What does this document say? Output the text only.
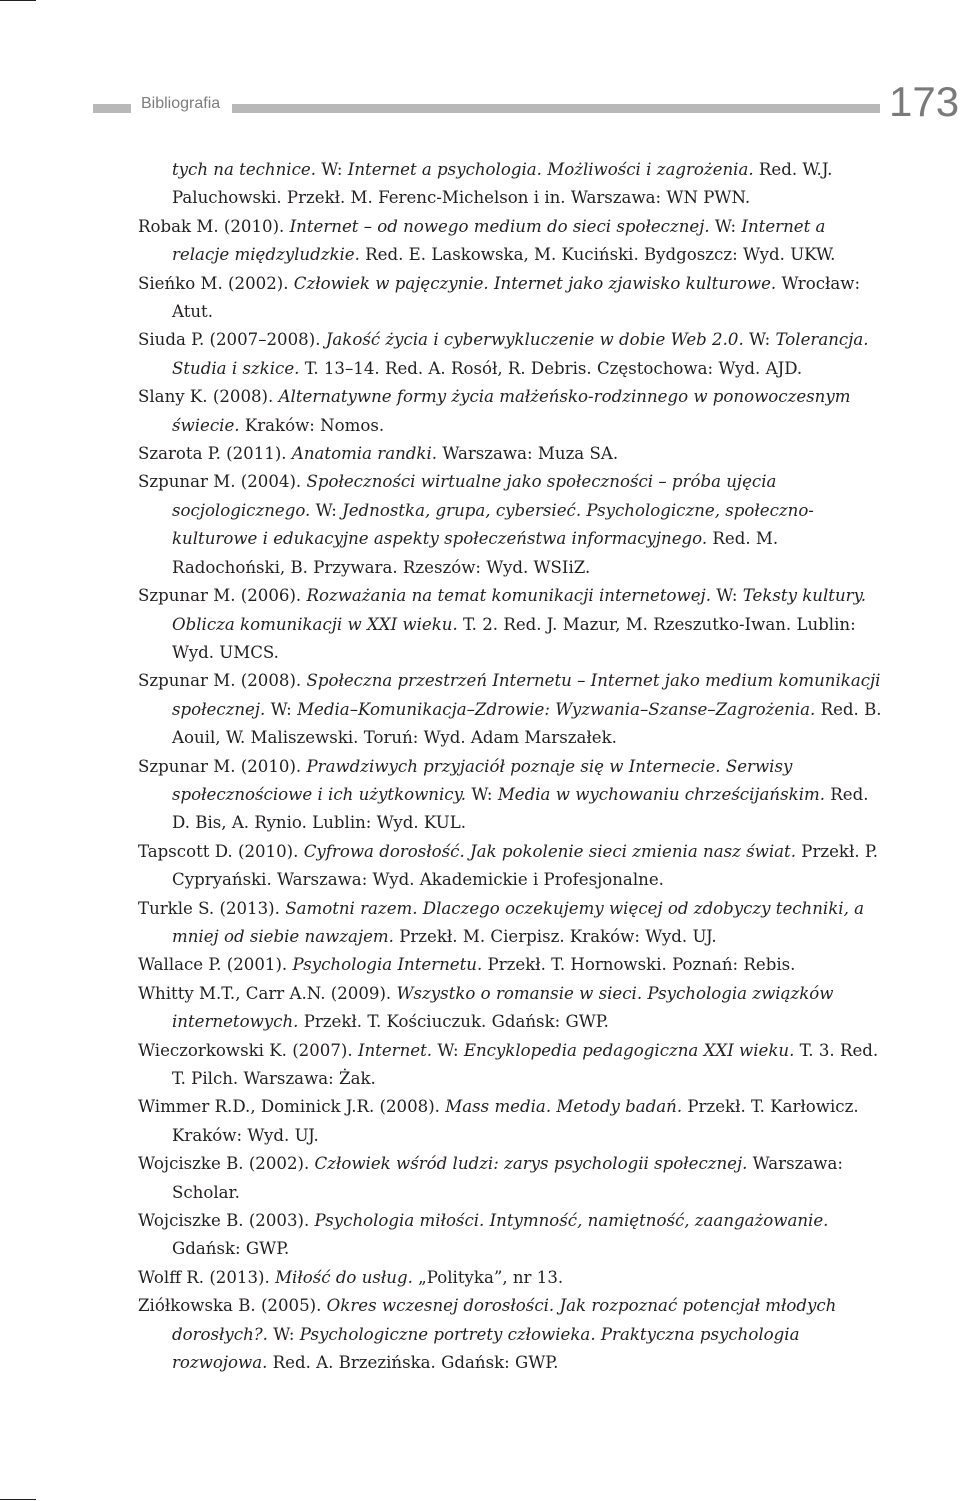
Bibliografia	173

tych na technice. W: Internet a psychologia. Możliwości i zagrożenia. Red. W.J. Paluchowski. Przekł. M. Ferenc-Michelson i in. Warszawa: WN PWN.

Robak M. (2010). Internet – od nowego medium do sieci społecznej. W: Internet a relacje międzyludzkie. Red. E. Laskowska, M. Kuciński. Bydgoszcz: Wyd. UKW.

Sieńko M. (2002). Człowiek w pajęczynie. Internet jako zjawisko kulturowe. Wrocław: Atut.

Siuda P. (2007–2008). Jakość życia i cyberwykluczenie w dobie Web 2.0. W: Tolerancja. Studia i szkice. T. 13–14. Red. A. Rosół, R. Debris. Częstochowa: Wyd. AJD.

Slany K. (2008). Alternatywne formy życia małżeńsko-rodzinnego w ponowoczesnym świecie. Kraków: Nomos.

Szarota P. (2011). Anatomia randki. Warszawa: Muza SA.

Szpunar M. (2004). Społeczności wirtualne jako społeczności – próba ujęcia socjologicznego. W: Jednostka, grupa, cybersieć. Psychologiczne, społeczno-kulturowe i edukacyjne aspekty społeczeństwa informacyjnego. Red. M. Radochoński, B. Przywara. Rzeszów: Wyd. WSIiZ.

Szpunar M. (2006). Rozważania na temat komunikacji internetowej. W: Teksty kultury. Oblicza komunikacji w XXI wieku. T. 2. Red. J. Mazur, M. Rzeszutko-Iwan. Lublin: Wyd. UMCS.

Szpunar M. (2008). Społeczna przestrzeń Internetu – Internet jako medium komunikacji społecznej. W: Media–Komunikacja–Zdrowie: Wyzwania–Szanse–Zagrożenia. Red. B. Aouil, W. Maliszewski. Toruń: Wyd. Adam Marszałek.

Szpunar M. (2010). Prawdziwych przyjaciół poznaje się w Internecie. Serwisy społecznościowe i ich użytkownicy. W: Media w wychowaniu chrześcijańskim. Red. D. Bis, A. Rynio. Lublin: Wyd. KUL.

Tapscott D. (2010). Cyfrowa dorosłość. Jak pokolenie sieci zmienia nasz świat. Przekł. P. Cypryański. Warszawa: Wyd. Akademickie i Profesjonalne.

Turkle S. (2013). Samotni razem. Dlaczego oczekujemy więcej od zdobyczy techniki, a mniej od siebie nawzajem. Przekł. M. Cierpisz. Kraków: Wyd. UJ.

Wallace P. (2001). Psychologia Internetu. Przekł. T. Hornowski. Poznań: Rebis.

Whitty M.T., Carr A.N. (2009). Wszystko o romansie w sieci. Psychologia związków internetowych. Przekł. T. Kościuczuk. Gdańsk: GWP.

Wieczorkowski K. (2007). Internet. W: Encyklopedia pedagogiczna XXI wieku. T. 3. Red. T. Pilch. Warszawa: Żak.

Wimmer R.D., Dominick J.R. (2008). Mass media. Metody badań. Przekł. T. Karłowicz. Kraków: Wyd. UJ.

Wojciszke B. (2002). Człowiek wśród ludzi: zarys psychologii społecznej. Warszawa: Scholar.

Wojciszke B. (2003). Psychologia miłości. Intymność, namiętność, zaangażowanie. Gdańsk: GWP.

Wolff R. (2013). Miłość do usług. „Polityka”, nr 13.

Ziółkowska B. (2005). Okres wczesnej dorosłości. Jak rozpoznać potencjał młodych dorosłych?. W: Psychologiczne portrety człowieka. Praktyczna psychologia rozwojowa. Red. A. Brzezińska. Gdańsk: GWP.
